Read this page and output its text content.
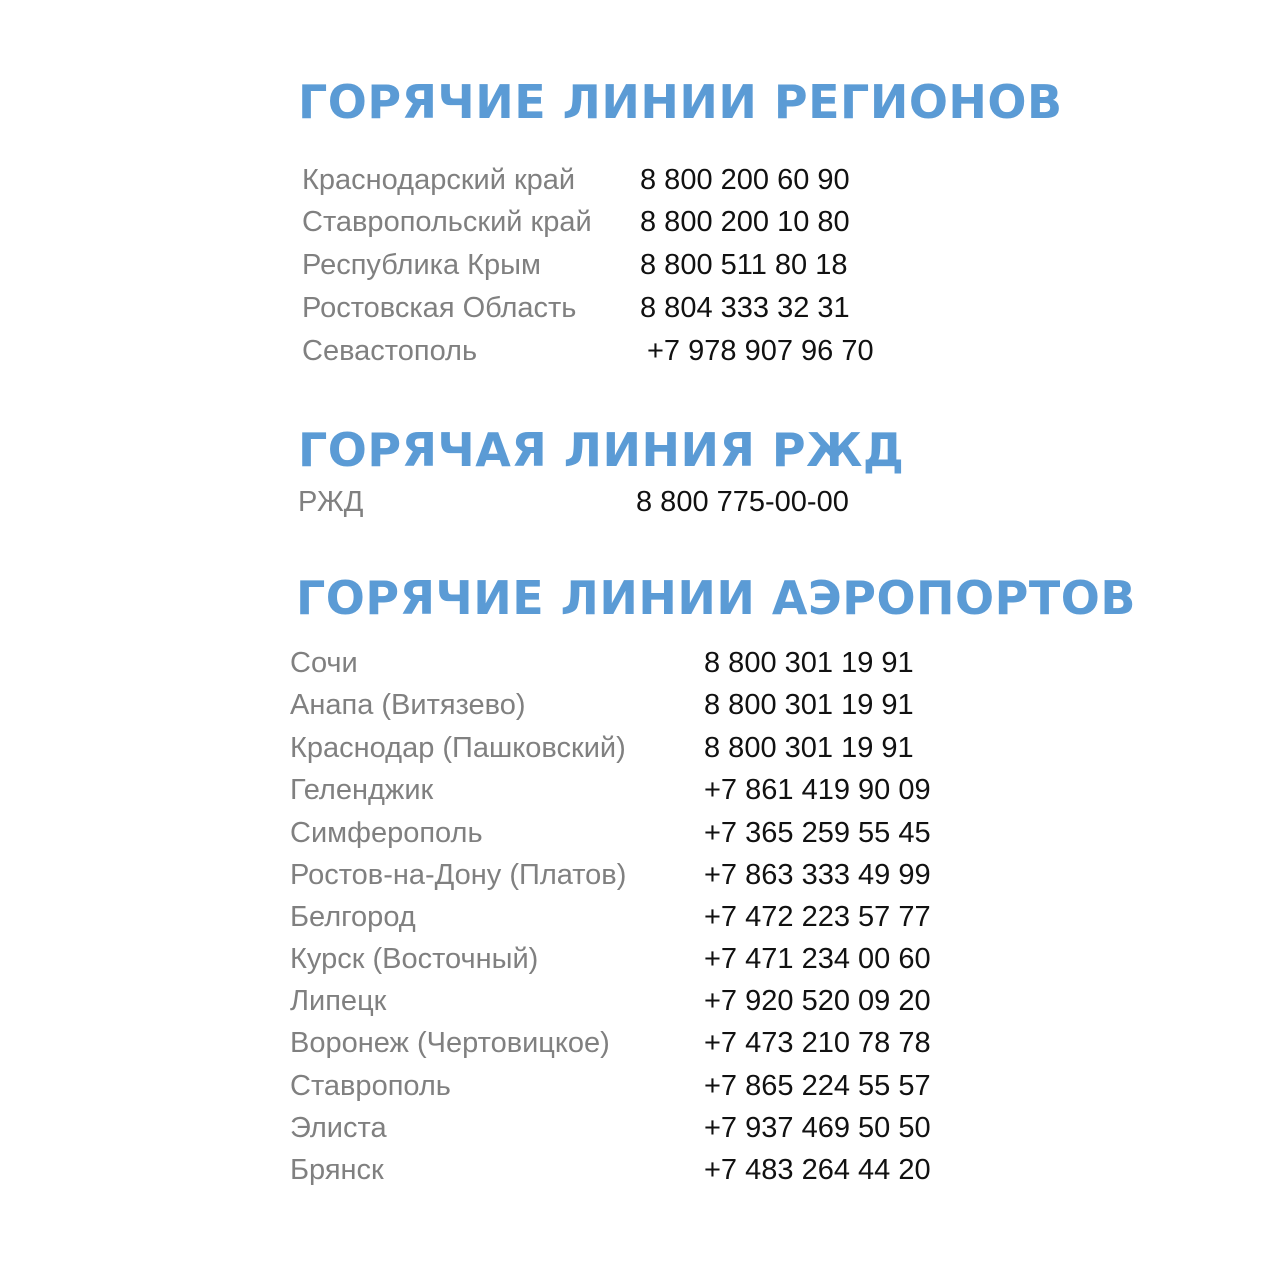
ГОРЯЧИЕ ЛИНИИ РЕГИОНОВ
Краснодарский край 8 800 200 60 90
Ставропольский край 8 800 200 10 80
Республика Крым	8 800 511 80 18
Ростовская Область 8 804 333 32 31
Севастополь	+7 978 907 96 70
ГОРЯЧАЯ ЛИНИЯ РЖД
РЖД	8 800 775-00-00
ГОРЯЧИЕ ЛИНИИ АЭРОПОРТОВ
Сочи	8 800 301 19 91
Анапа (Витязево)	8 800 301 19 91
Краснодар (Пашковский)	8 800 301 19 91
Геленджик	+7 861 419 90 09
Симферополь	+7 365 259 55 45
Ростов-на-Дону (Платов)	+7 863 333 49 99
Белгород	+7 472 223 57 77
Курск (Восточный)	+7 471 234 00 60
Липецк	+7 920 520 09 20
Воронеж (Чертовицкое)	+7 473 210 78 78
Ставрополь	+7 865 224 55 57
Элиста	+7 937 469 50 50
Брянск	+7 483 264 44 20
